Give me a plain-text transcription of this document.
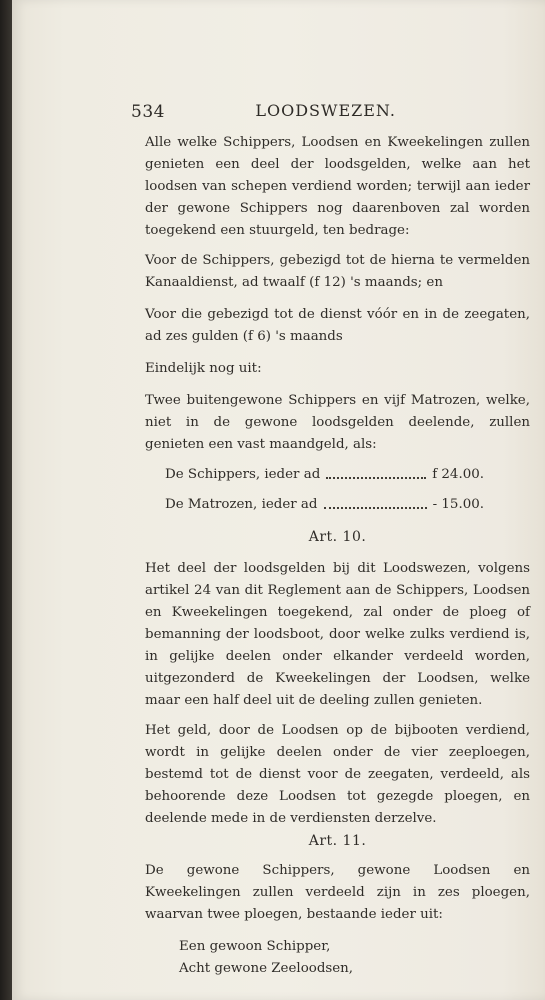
534	LOODSWEZEN.

Alle welke Schippers, Loodsen en Kweekelingen zullen genieten een deel der loodsgelden, welke aan het loodsen van schepen verdiend worden; terwijl aan ieder der gewone Schippers nog daarenboven zal worden toegekend een stuurgeld, ten bedrage:

Voor de Schippers, gebezigd tot de hierna te vermelden Kanaaldienst, ad twaalf (f 12) 's maands; en

Voor die gebezigd tot de dienst vóór en in de zeegaten, ad zes gulden (f 6) 's maands

Eindelijk nog uit:

Twee buitengewone Schippers en vijf Matrozen, welke, niet in de gewone loodsgelden deelende, zullen genieten een vast maandgeld, als:

De Schippers, ieder ad	f 24.00.
De Matrozen, ieder ad	- 15.00.

Art. 10.

Het deel der loodsgelden bij dit Loodswezen, volgens artikel 24 van dit Reglement aan de Schippers, Loodsen en Kweekelingen toegekend, zal onder de ploeg of bemanning der loodsboot, door welke zulks verdiend is, in gelijke deelen onder elkander verdeeld worden, uitgezonderd de Kweekelingen der Loodsen, welke maar een half deel uit de deeling zullen genieten.

Het geld, door de Loodsen op de bijbooten verdiend, wordt in gelijke deelen onder de vier zeeploegen, bestemd tot de dienst voor de zeegaten, verdeeld, als behoorende deze Loodsen tot gezegde ploegen, en deelende mede in de verdiensten derzelve.

Art. 11.

De gewone Schippers, gewone Loodsen en Kweekelingen zullen verdeeld zijn in zes ploegen, waarvan twee ploegen, bestaande ieder uit:

Een gewoon Schipper,

Acht gewone Zeeloodsen,
